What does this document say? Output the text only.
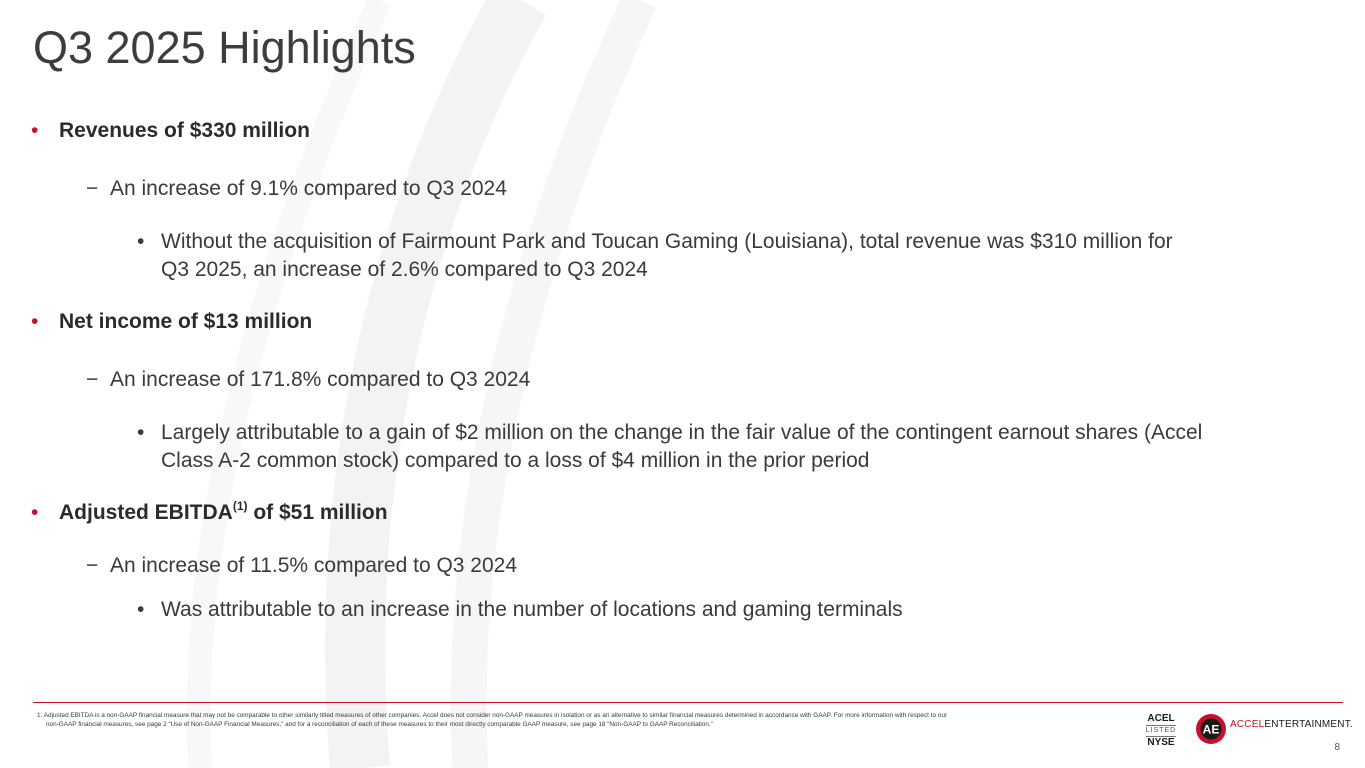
Q3 2025 Highlights
• Revenues of $330 million
− An increase of 9.1% compared to Q3 2024
• Without the acquisition of Fairmount Park and Toucan Gaming (Louisiana), total revenue was $310 million for
Q3 2025, an increase of 2.6% compared to Q3 2024
• Net income of $13 million
− An increase of 171.8% compared to Q3 2024
• Largely attributable to a gain of $2 million on the change in the fair value of the contingent earnout shares (Accel
Class A-2 common stock) compared to a loss of $4 million in the prior period
• Adjusted EBITDA$^{(1)}$ of $51 million
− An increase of 11.5% compared to Q3 2024
• Was attributable to an increase in the number of locations and gaming terminals
1. Adjusted EBITDA is a non-GAAP financial measure that may not be comparable to other similarly titled measures of other companies. Accel does not consider non-GAAP measures in isolation or as an alternative to similar financial measures determined in accordance with GAAP. For more information with respect to our
non-GAAP financial measures, see page 2 “Use of Non-GAAP Financial Measures,” and for a reconciliation of each of these measures to their most directly comparable GAAP measure, see page 18 “Non-GAAP to GAAP Reconciliation.”	ACEL
LISTED
NYSE
AE ACCELENTERTAINMENT.
8
